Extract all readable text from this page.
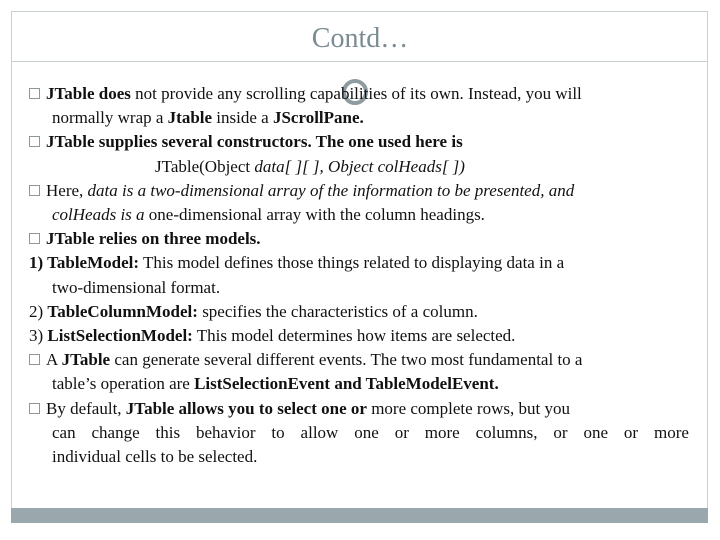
Contd…

JTable does not provide any scrolling capabilities of its own. Instead, you will

normally wrap a Jtable inside a JScrollPane.

JTable supplies several constructors. The one used here is

JTable(Object data[ ][ ], Object colHeads[ ])

Here, data is a two-dimensional array of the information to be presented, and

colHeads is a one-dimensional array with the column headings.

JTable relies on three models.

1) TableModel: This model defines those things related to displaying data in a

two-dimensional format.

2) TableColumnModel: specifies the characteristics of a column.

3) ListSelectionModel: This model determines how items are selected.

A JTable can generate several different events. The two most fundamental to a

table’s operation are ListSelectionEvent and TableModelEvent.

By default, JTable allows you to select one or more complete rows, but you

can change this behavior to allow one or more columns, or one or more

individual cells to be selected.
